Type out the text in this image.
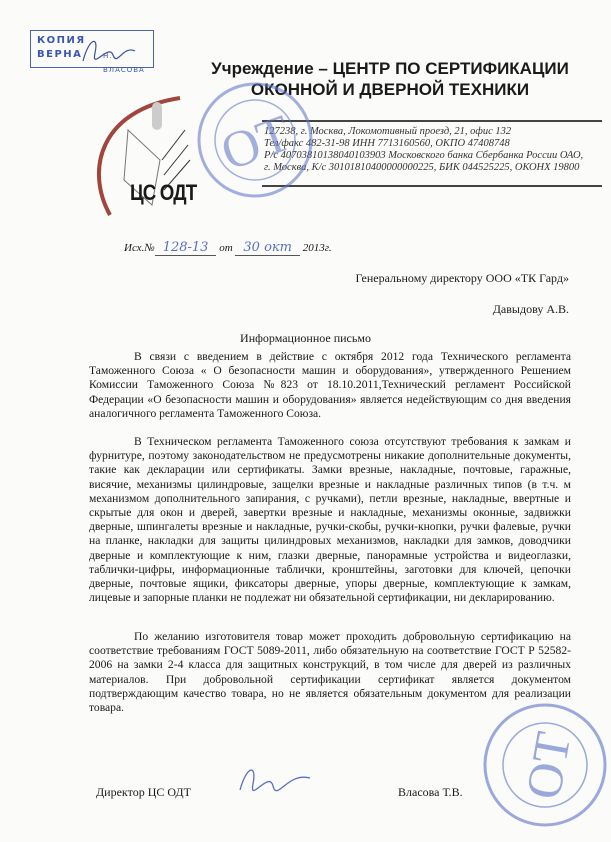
КОПИЯ
ВЕРНА	Н. ВЛАСОВА	Учреждение – ЦЕНТР ПО СЕРТИФИКАЦИИ
ОКОННОЙ И ДВЕРНОЙ ТЕХНИКИ
ЦС ОДТ
127238, г. Москва, Локомотивный проезд, 21, офис 132
Тел/факс 482-31-98 ИНН 7713160560, ОКПО 47408748
Р/с 40703810138040103903 Московского банка Сбербанка России ОАО,
г. Москва, К/с 30101810400000000225, БИК 044525225, ОКОНХ 19800
ОТ
Исх.№ 128-13 от 30 окт 2013г.
Генеральному директору ООО «ТК Гард»
Давыдову А.В.
Информационное письмо

В связи с введением в действие с октября 2012 года Технического регламента Таможенного Союза « О безопасности машин и оборудования», утвержденного Решением Комиссии Таможенного Союза №823 от 18.10.2011,Технический регламент Российской Федерации «О безопасности машин и оборудования» является недействующим со дня введения аналогичного регламента Таможенного Союза.

В Техническом регламента Таможенного союза отсутствуют требования к замкам и фурнитуре, поэтому законодательством не предусмотрены никакие дополнительные документы, такие как декларации или сертификаты. Замки врезные, накладные, почтовые, гаражные, висячие, механизмы цилиндровые, защелки врезные и накладные различных типов (в т.ч. м механизмом дополнительного запирания, с ручками), петли врезные, накладные, ввертные и скрытые для окон и дверей, завертки врезные и накладные, механизмы оконные, задвижки дверные, шпингалеты врезные и накладные, ручки-скобы, ручки-кнопки, ручки фалевые, ручки на планке, накладки для защиты цилиндровых механизмов, накладки для замков, доводчики дверные и комплектующие к ним, глазки дверные, панорамные устройства и видеоглазки, таблички-цифры, информационные таблички, кронштейны, заготовки для ключей, цепочки дверные, почтовые ящики, фиксаторы дверные, упоры дверные, комплектующие к замкам, лицевые и запорные планки не подлежат ни обязательной сертификации, ни декларированию.

По желанию изготовителя товар может проходить добровольную сертификацию на соответствие требованиям ГОСТ 5089-2011, либо обязательную на соответствие ГОСТ Р 52582-2006 на замки 2-4 класса для защитных конструкций, в том числе для дверей из различных материалов. При добровольной сертификации сертификат является документом подтверждающим качество товара, но не является обязательным документом для реализации товара.

Директор ЦС ОДТ	Власова Т.В. ОТ
